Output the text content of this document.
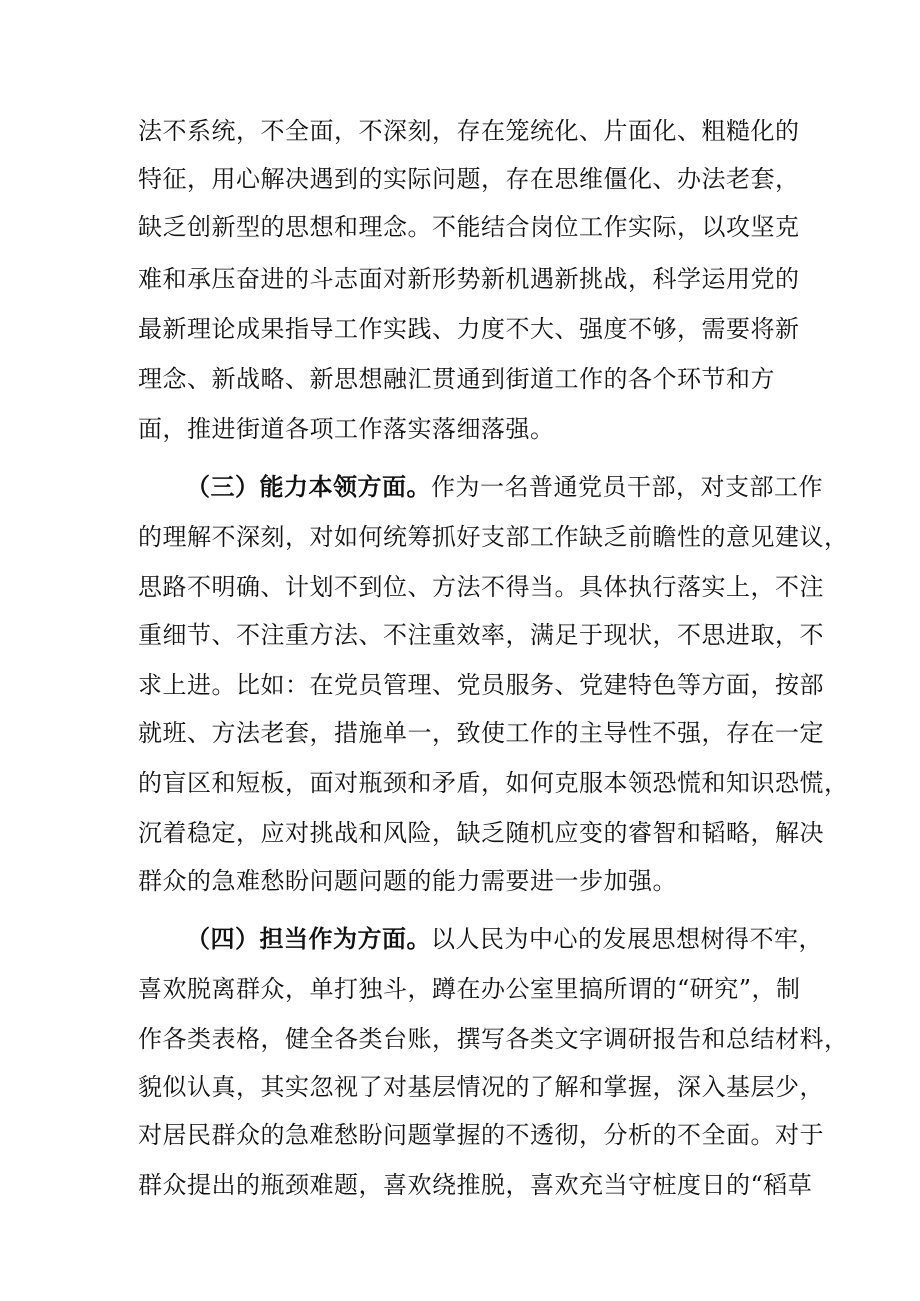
法不系统，不全面，不深刻，存在笼统化、片面化、粗糙化的
特征，用心解决遇到的实际问题，存在思维僵化、办法老套，
缺乏创新型的思想和理念。不能结合岗位工作实际，以攻坚克
难和承压奋进的斗志面对新形势新机遇新挑战，科学运用党的
最新理论成果指导工作实践、力度不大、强度不够，需要将新
理念、新战略、新思想融汇贯通到街道工作的各个环节和方
面，推进街道各项工作落实落细落强。
（三）能力本领方面。作为一名普通党员干部，对支部工作
的理解不深刻，对如何统筹抓好支部工作缺乏前瞻性的意见建议，
思路不明确、计划不到位、方法不得当。具体执行落实上，不注
重细节、不注重方法、不注重效率，满足于现状，不思进取，不
求上进。比如：在党员管理、党员服务、党建特色等方面，按部
就班、方法老套，措施单一，致使工作的主导性不强，存在一定
的盲区和短板，面对瓶颈和矛盾，如何克服本领恐慌和知识恐慌，
沉着稳定，应对挑战和风险，缺乏随机应变的睿智和韬略，解决
群众的急难愁盼问题问题的能力需要进一步加强。
（四）担当作为方面。以人民为中心的发展思想树得不牢，
喜欢脱离群众，单打独斗，蹲在办公室里搞所谓的“研究”，制
作各类表格，健全各类台账，撰写各类文字调研报告和总结材料，
貌似认真，其实忽视了对基层情况的了解和掌握，深入基层少，
对居民群众的急难愁盼问题掌握的不透彻，分析的不全面。对于
群众提出的瓶颈难题，喜欢绕推脱，喜欢充当守桩度日的“稻草
